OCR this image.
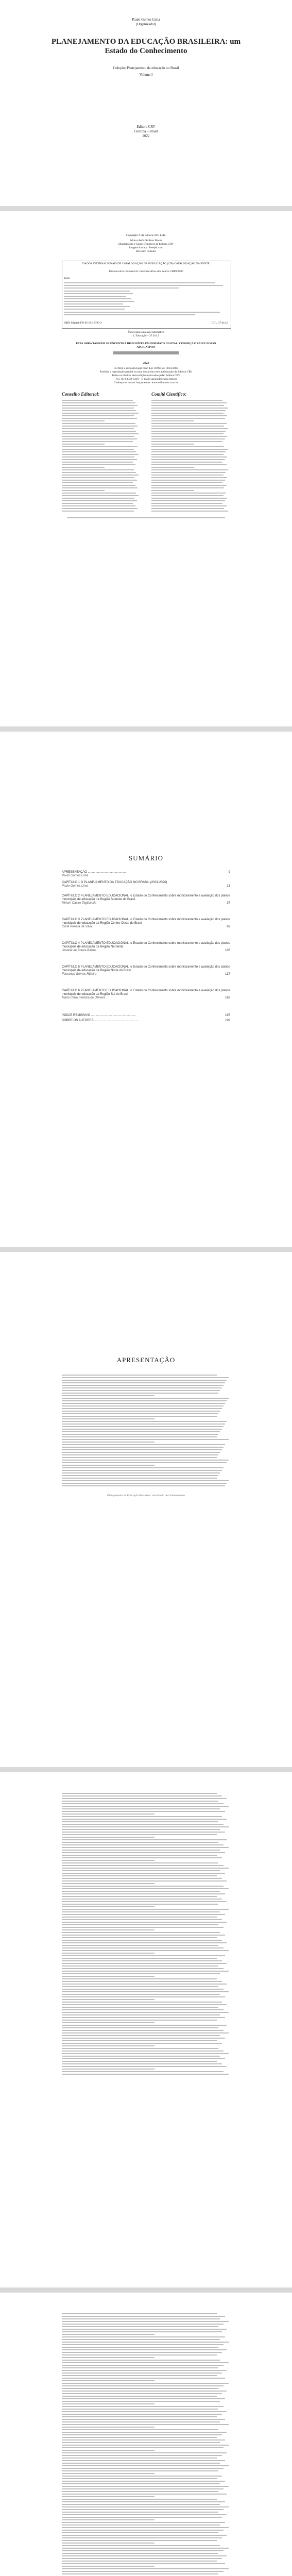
Paulo Gomes Lima
(Organizador)
PLANEJAMENTO DA EDUCAÇÃO BRASILEIRA: um Estado do Conhecimento
Coleção: Planejamento da educação no Brasil
Volume I
Editora CRV
Curitiba – Brasil
2022
Copyright © da Editora CRV Ltda.
Editor-chefe: Railson Moura
Diagramação e Capa: Designers da Editora CRV
Imagem da capa: Freepik.com
Revisão: O Autor
DADOS INTERNACIONAIS DE CATALOGAÇÃO NA PUBLICAÇÃO (CIP) CATALOGAÇÃO NA FONTE
Bibliotecária responsável: Luzenira Alves dos Santos CRB9/1506
P698
ISBN Digital 978-65-251-3793-2	CDU 37.014.5
Índice para catálogo sistemático
1. Educação – 37.014.5
ESTA OBRA TAMBÉM SE ENCONTRA DISPONÍVEL EM FORMATO DIGITAL. CONHEÇA E BAIXE NOSSO APLICATIVO!
2022
Foi feito o depósito legal conf. Lei 10.994 de 14/12/2004
Proibida a reprodução parcial ou total desta obra sem autorização da Editora CRV
Todos os direitos desta edição reservados pela: Editora CRV
Tel.: (41) 3039-6418 – E-mail: sac@editoracrv.com.br
Conheça os nossos lançamentos: www.editoracrv.com.br
Conselho Editorial:	Comitê Científico:
SUMÁRIO
APRESENTAÇÃO ..............................................	9
Paulo Gomes Lima
CAPÍTULO 1 O PLANEJAMENTO DA EDUCAÇÃO NO BRASIL (2001-2020)
13
Paulo Gomes Lima
CAPÍTULO 2 PLANEJAMENTO EDUCACIONAL: o Estado do Conhecimento sobre monitoramento e avaliação dos planos municipais de educação na Região Sudeste do Brasil
37
Miriam Castro Tagliacollo
CAPÍTULO 3 PLANEJAMENTO EDUCACIONAL: o Estado do Conhecimento sobre monitoramento e avaliação dos planos municipais de educação da Região Centro-Oeste do Brasil
69
Carla Renata da Silva
CAPÍTULO 4 PLANEJAMENTO EDUCACIONAL: o Estado do Conhecimento sobre monitoramento e avaliação dos planos municipais de educação da Região Nordeste
105
Josiane de Souza Barros
CAPÍTULO 5 PLANEJAMENTO EDUCACIONAL: o Estado do Conhecimento sobre monitoramento e avaliação dos planos municipais de educação da Região Norte do Brasil
137
Fernanda Gomes Ribeiro
CAPÍTULO 6 PLANEJAMENTO EDUCACIONAL: o Estado do Conhecimento sobre monitoramento e avaliação dos planos municipais de educação da Região Sul do Brasil
169
Maria Clara Ferreira de Oliveira
ÍNDICE REMISSIVO ....................................................	197
SOBRE OS AUTORES ....................................................	199
APRESENTAÇÃO
Planejamento da Educação Brasileira: um Estado do Conhecimento
